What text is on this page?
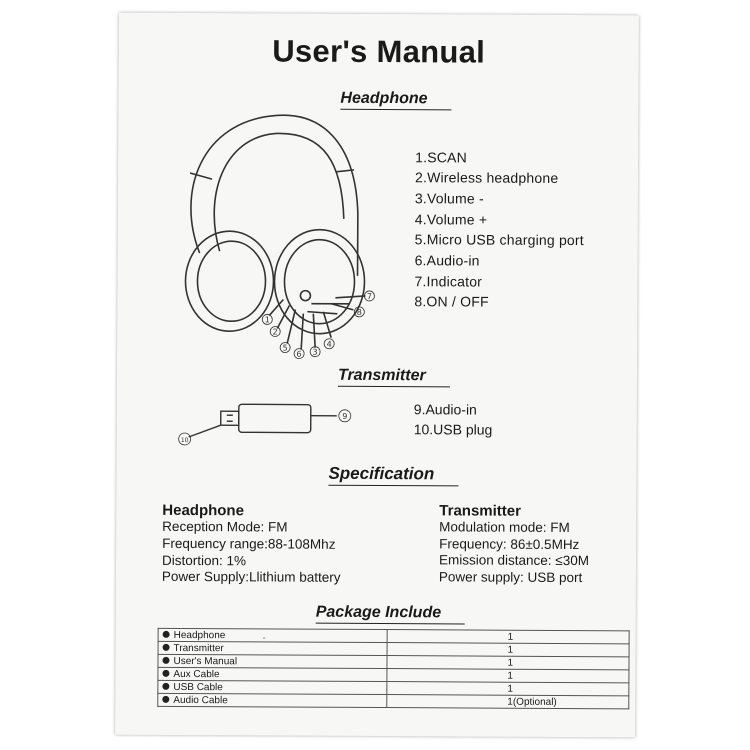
User's Manual
Headphone
1
2
5
6 3
4
8
7
1.SCAN
2.Wireless headphone
3.Volume -
4.Volume +
5.Micro USB charging port
6.Audio-in
7.Indicator
8.ON / OFF
Transmitter
10
9	9.Audio-in
10.USB plug
Specification
Headphone
Reception Mode: FM
Frequency range:88-108Mhz
Distortion: 1%
Power Supply:Llithium battery
Transmitter
Modulation mode: FM
Frequency: 86±0.5MHz
Emission distance: ≤30M
Power supply: USB port
Package Include
Headphone -	1
Transmitter	1
User's Manual	1
Aux Cable	1
USB Cable	1
Audio Cable	1(Optional)
